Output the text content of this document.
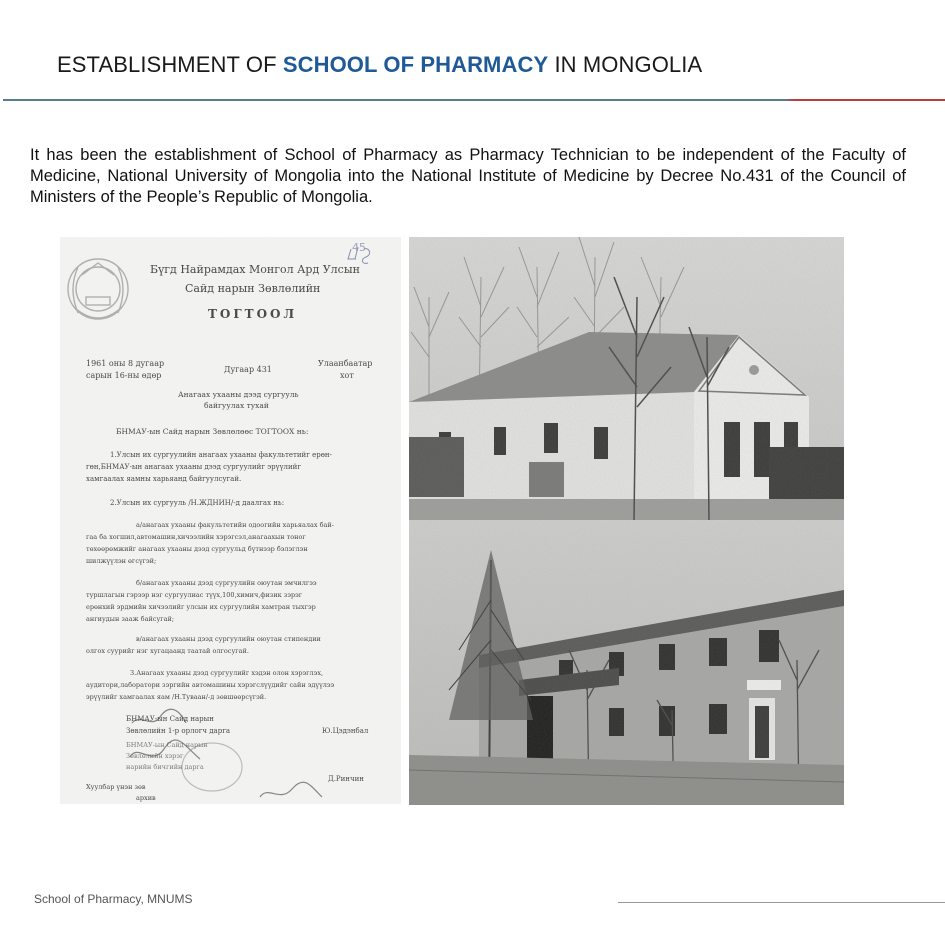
ESTABLISHMENT OF SCHOOL OF PHARMACY IN MONGOLIA
It has been the establishment of School of Pharmacy as Pharmacy Technician to be independent of the Faculty of Medicine, National University of Mongolia into the National Institute of Medicine by Decree No.431 of the Council of Ministers of the People’s Republic of Mongolia.
Бүгд Найрамдах Монгол Ард Улсын
Сайд нарын Зөвлөлийн
ТОГТООЛ
45
1961 оны 8 дугаар
сарын 16-ны өдөр
Дугаар 431
Улаанбаатар
хот
Анагаах ухааны дээд сургууль
байгуулах тухай
БНМАУ-ын Сайд нарын Зөвлөлөөс ТОГТООХ нь:
1.Улсын их сургуулийн анагаах ухааны факультетийг ерөн-
гөн,БНМАУ-ын анагаах ухааны дээд сургуулийг эрүүлийг
хамгаалах яамны харьяанд байгуулсугай.
2.Улсын их сургууль /Н.ЖДНИН/-д даалгах нь:
а/анагаах ухааны факультетийн одоогийн харьяалах бай-
гаа ба хогшил,автомашин,хичээлийн хэрэгсэл,анагаахын тоног
төхөөрөмжийг анагаах ухааны дээд сургуульд бүтнээр бэлэглэн
шилжүүлэн өгсүгэй;
б/анагаах ухааны дээд сургуулийн оюутан эмчилгээ
туршлагын гэрээр нэг сургуулиас түүх,100,химич,физик зэрэг
ерөнхий эрдмийн хичээлийг улсын их сургуулийн хамтран тыхгэр
ангиудын зааж байсугай;
в/анагаах ухааны дээд сургуулийн оюутан стипендии
олгох суурийг нэг хугацаанд таатай олгосугай.
3.Анагаах ухааны дээд сургуулийг хэдэн олон хэрэглэх,
аудитори,лаборатори зэргийн автомашины хэрэгслүүдийг сайн эдүүлээ
эрүүлийг хамгаалах яам /Н.Туваан/-д зөвшөөрсүгэй.
БНМАУ-ын Сайд нарын
Зөвлөлийн 1-р орлогч дарга	Ю.Цэдэнбал
БНМАУ-ын Сайд нарын
Зөвлөлийн хэрэг
нарийн бичгийн дарга
Д.Ринчин
Хуулбар үнэн зөв
архив
School of Pharmacy, MNUMS
